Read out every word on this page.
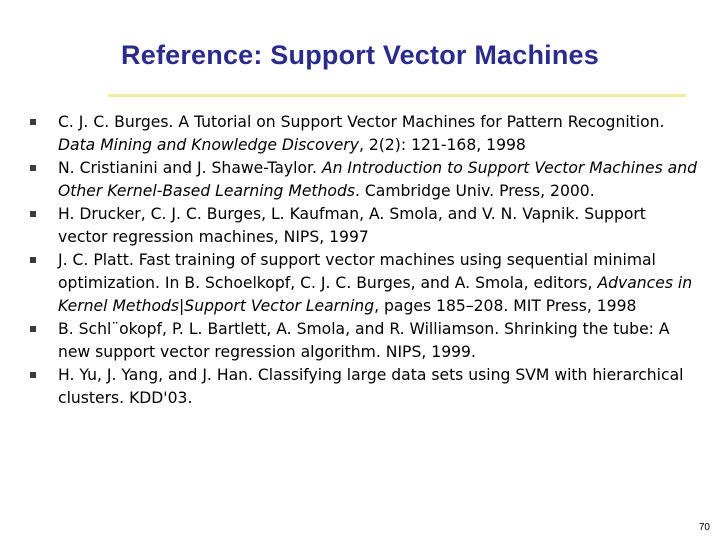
Reference: Support Vector Machines
C. J. C. Burges. A Tutorial on Support Vector Machines for Pattern Recognition. Data Mining and Knowledge Discovery, 2(2): 121-168, 1998
N. Cristianini and J. Shawe-Taylor. An Introduction to Support Vector Machines and Other Kernel-Based Learning Methods. Cambridge Univ. Press, 2000.
H. Drucker, C. J. C. Burges, L. Kaufman, A. Smola, and V. N. Vapnik. Support vector regression machines, NIPS, 1997
J. C. Platt. Fast training of support vector machines using sequential minimal optimization. In B. Schoelkopf, C. J. C. Burges, and A. Smola, editors, Advances in Kernel Methods|Support Vector Learning, pages 185–208. MIT Press, 1998
B. Schl¨okopf, P. L. Bartlett, A. Smola, and R. Williamson. Shrinking the tube: A new support vector regression algorithm. NIPS, 1999.
H. Yu, J. Yang, and J. Han. Classifying large data sets using SVM with hierarchical clusters. KDD'03.
70
